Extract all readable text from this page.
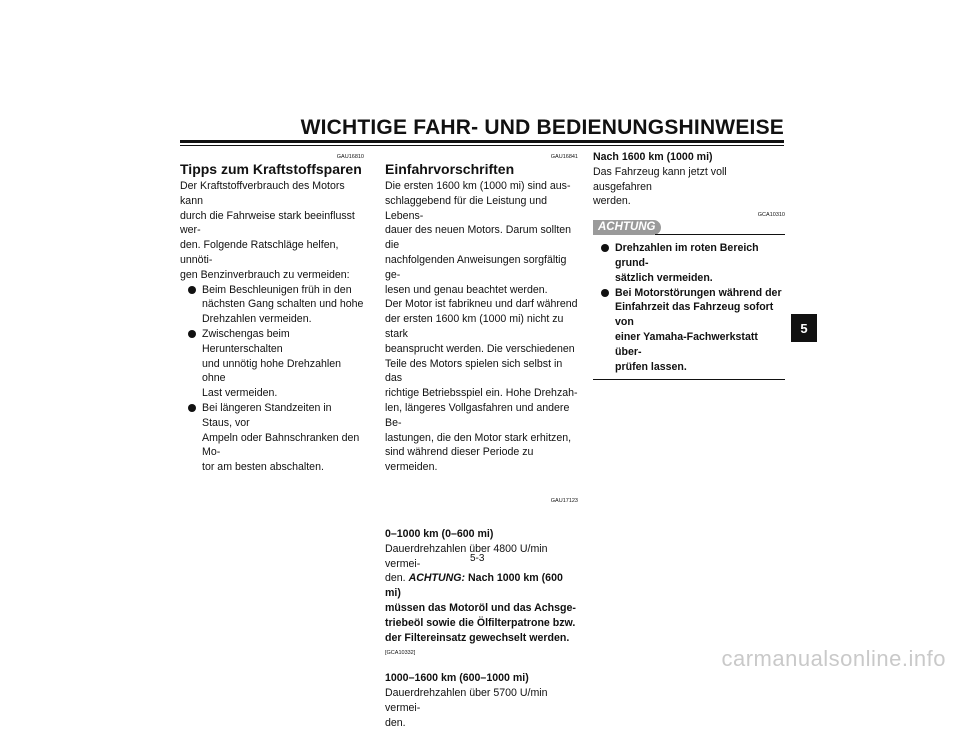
WICHTIGE FAHR- UND BEDIENUNGSHINWEISE
GAU16810
Tipps zum Kraftstoffsparen

Der Kraftstoffverbrauch des Motors kann
durch die Fahrweise stark beeinflusst wer-
den. Folgende Ratschläge helfen, unnöti-
gen Benzinverbrauch zu vermeiden:

Beim Beschleunigen früh in den
nächsten Gang schalten und hohe
Drehzahlen vermeiden.
Zwischengas beim Herunterschalten
und unnötig hohe Drehzahlen ohne
Last vermeiden.
Bei längeren Standzeiten in Staus, vor
Ampeln oder Bahnschranken den Mo-
tor am besten abschalten.
GAU16841
Einfahrvorschriften

Die ersten 1600 km (1000 mi) sind aus-
schlaggebend für die Leistung und Lebens-
dauer des neuen Motors. Darum sollten die
nachfolgenden Anweisungen sorgfältig ge-
lesen und genau beachtet werden.

Der Motor ist fabrikneu und darf während
der ersten 1600 km (1000 mi) nicht zu stark
beansprucht werden. Die verschiedenen
Teile des Motors spielen sich selbst in das
richtige Betriebsspiel ein. Hohe Drehzah-
len, längeres Vollgasfahren und andere Be-
lastungen, die den Motor stark erhitzen,
sind während dieser Periode zu vermeiden.

GAU17123
0–1000 km (0–600 mi)

Dauerdrehzahlen über 4800 U/min vermei-
den. ACHTUNG: Nach 1000 km (600 mi)
müssen das Motoröl und das Achsge-
triebeöl sowie die Ölfilterpatrone bzw.
der Filtereinsatz gewechselt werden.

[GCA10332]
1000–1600 km (600–1000 mi)

Dauerdrehzahlen über 5700 U/min vermei-
den.

Nach 1600 km (1000 mi)

Das Fahrzeug kann jetzt voll ausgefahren
werden.

GCA10310
ACHTUNG
Drehzahlen im roten Bereich grund-
sätzlich vermeiden.
Bei Motorstörungen während der
Einfahrzeit das Fahrzeug sofort von
einer Yamaha-Fachwerkstatt über-
prüfen lassen.
5
5-3
carmanualsonline.info
